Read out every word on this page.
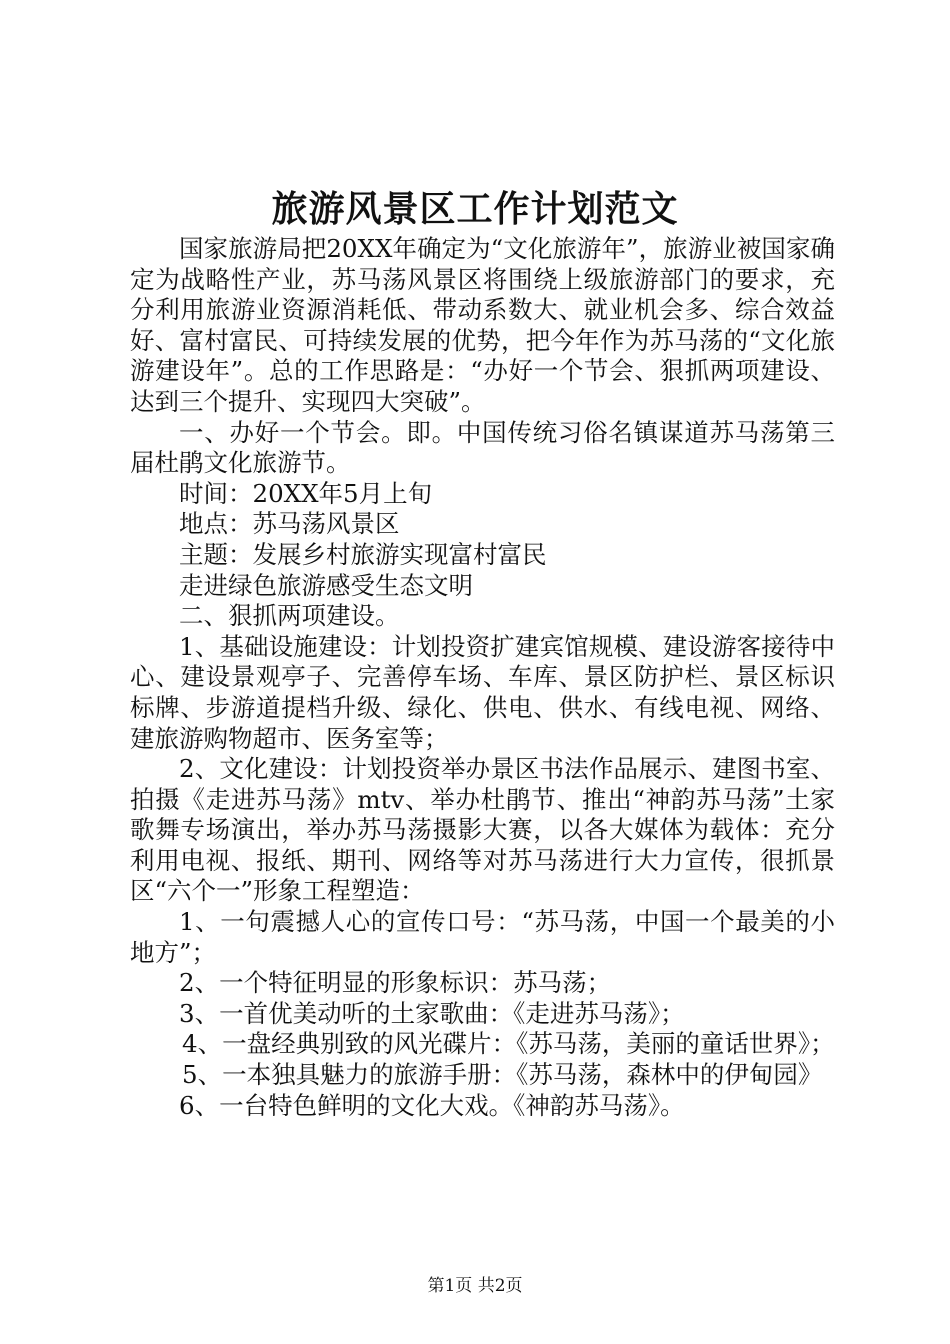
旅游风景区工作计划范文

国家旅游局把20XX年确定为“文化旅游年”，旅游业被国家确定为战略性产业，苏马荡风景区将围绕上级旅游部门的要求，充分利用旅游业资源消耗低、带动系数大、就业机会多、综合效益好、富村富民、可持续发展的优势，把今年作为苏马荡的“文化旅游建设年”。总的工作思路是：“办好一个节会、狠抓两项建设、达到三个提升、实现四大突破”。

一、办好一个节会。即。中国传统习俗名镇谋道苏马荡第三届杜鹃文化旅游节。

时间：20XX年5月上旬

地点：苏马荡风景区

主题：发展乡村旅游实现富村富民

走进绿色旅游感受生态文明

二、狠抓两项建设。

1、基础设施建设：计划投资扩建宾馆规模、建设游客接待中心、建设景观亭子、完善停车场、车库、景区防护栏、景区标识标牌、步游道提档升级、绿化、供电、供水、有线电视、网络、建旅游购物超市、医务室等；

2、文化建设：计划投资举办景区书法作品展示、建图书室、拍摄《走进苏马荡》mtv、举办杜鹃节、推出“神韵苏马荡”土家歌舞专场演出，举办苏马荡摄影大赛，以各大媒体为载体：充分利用电视、报纸、期刊、网络等对苏马荡进行大力宣传，很抓景区“六个一”形象工程塑造：

1、一句震撼人心的宣传口号：“苏马荡，中国一个最美的小地方”；

2、一个特征明显的形象标识：苏马荡；

3、一首优美动听的土家歌曲：《走进苏马荡》；

4、一盘经典别致的风光碟片：《苏马荡，美丽的童话世界》；

5、一本独具魅力的旅游手册：《苏马荡，森林中的伊甸园》

6、一台特色鲜明的文化大戏。《神韵苏马荡》。

第1页 共2页
